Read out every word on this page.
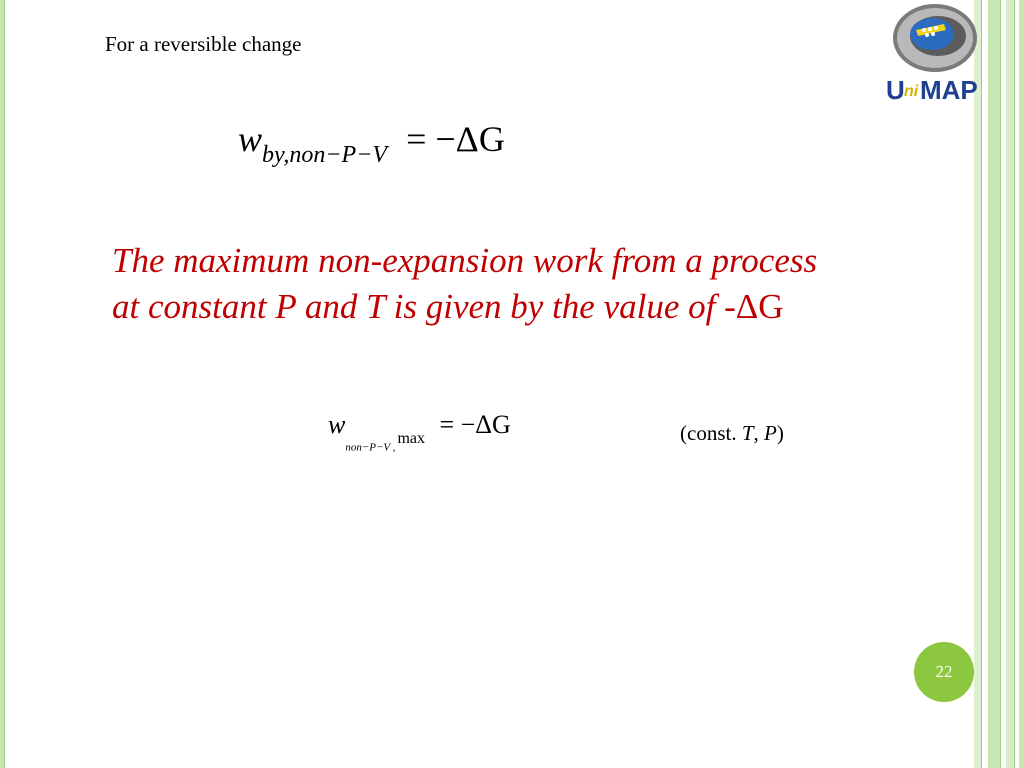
For a reversible change
$w_{by,non-P-V} = -\Delta G$
The maximum non-expansion work from a process
at constant P and T is given by the value of -ΔG
$w_{non-P-V ,max} = -\Delta G$	(const. T, P)
U ni MAP
22
